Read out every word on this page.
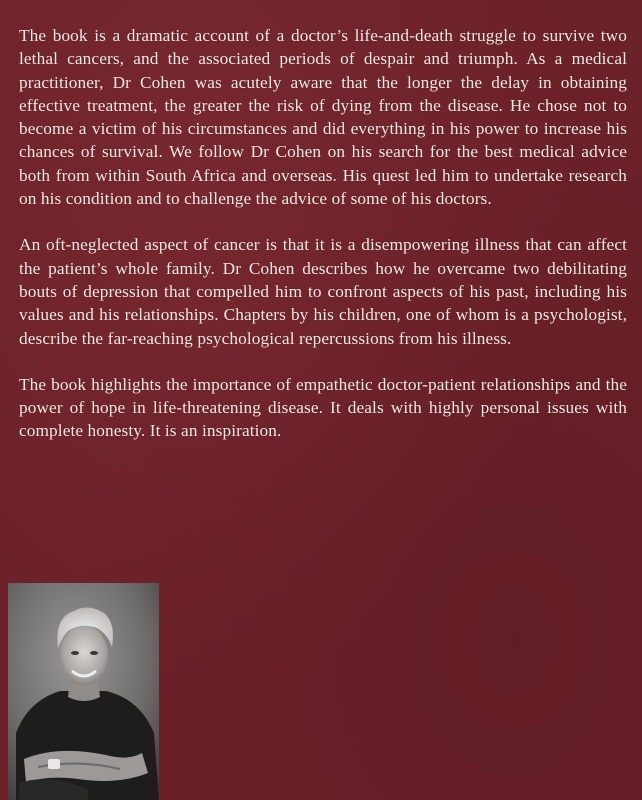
The book is a dramatic account of a doctor’s life-and-death struggle to survive two lethal cancers, and the associated periods of despair and triumph. As a medical practitioner, Dr Cohen was acutely aware that the longer the delay in obtaining effective treatment, the greater the risk of dying from the disease. He chose not to become a victim of his circumstances and did everything in his power to increase his chances of survival. We follow Dr Cohen on his search for the best medical advice both from within South Africa and overseas. His quest led him to undertake research on his condition and to challenge the advice of some of his doctors.

An oft-neglected aspect of cancer is that it is a disempowering illness that can affect the patient’s whole family. Dr Cohen describes how he overcame two debilitating bouts of depression that compelled him to confront aspects of his past, including his values and his relationships. Chapters by his children, one of whom is a psychologist, describe the far-reaching psychological repercussions from his illness.

The book highlights the importance of empathetic doctor-patient relationships and the power of hope in life-threatening disease. It deals with highly personal issues with complete honesty. It is an inspiration.
